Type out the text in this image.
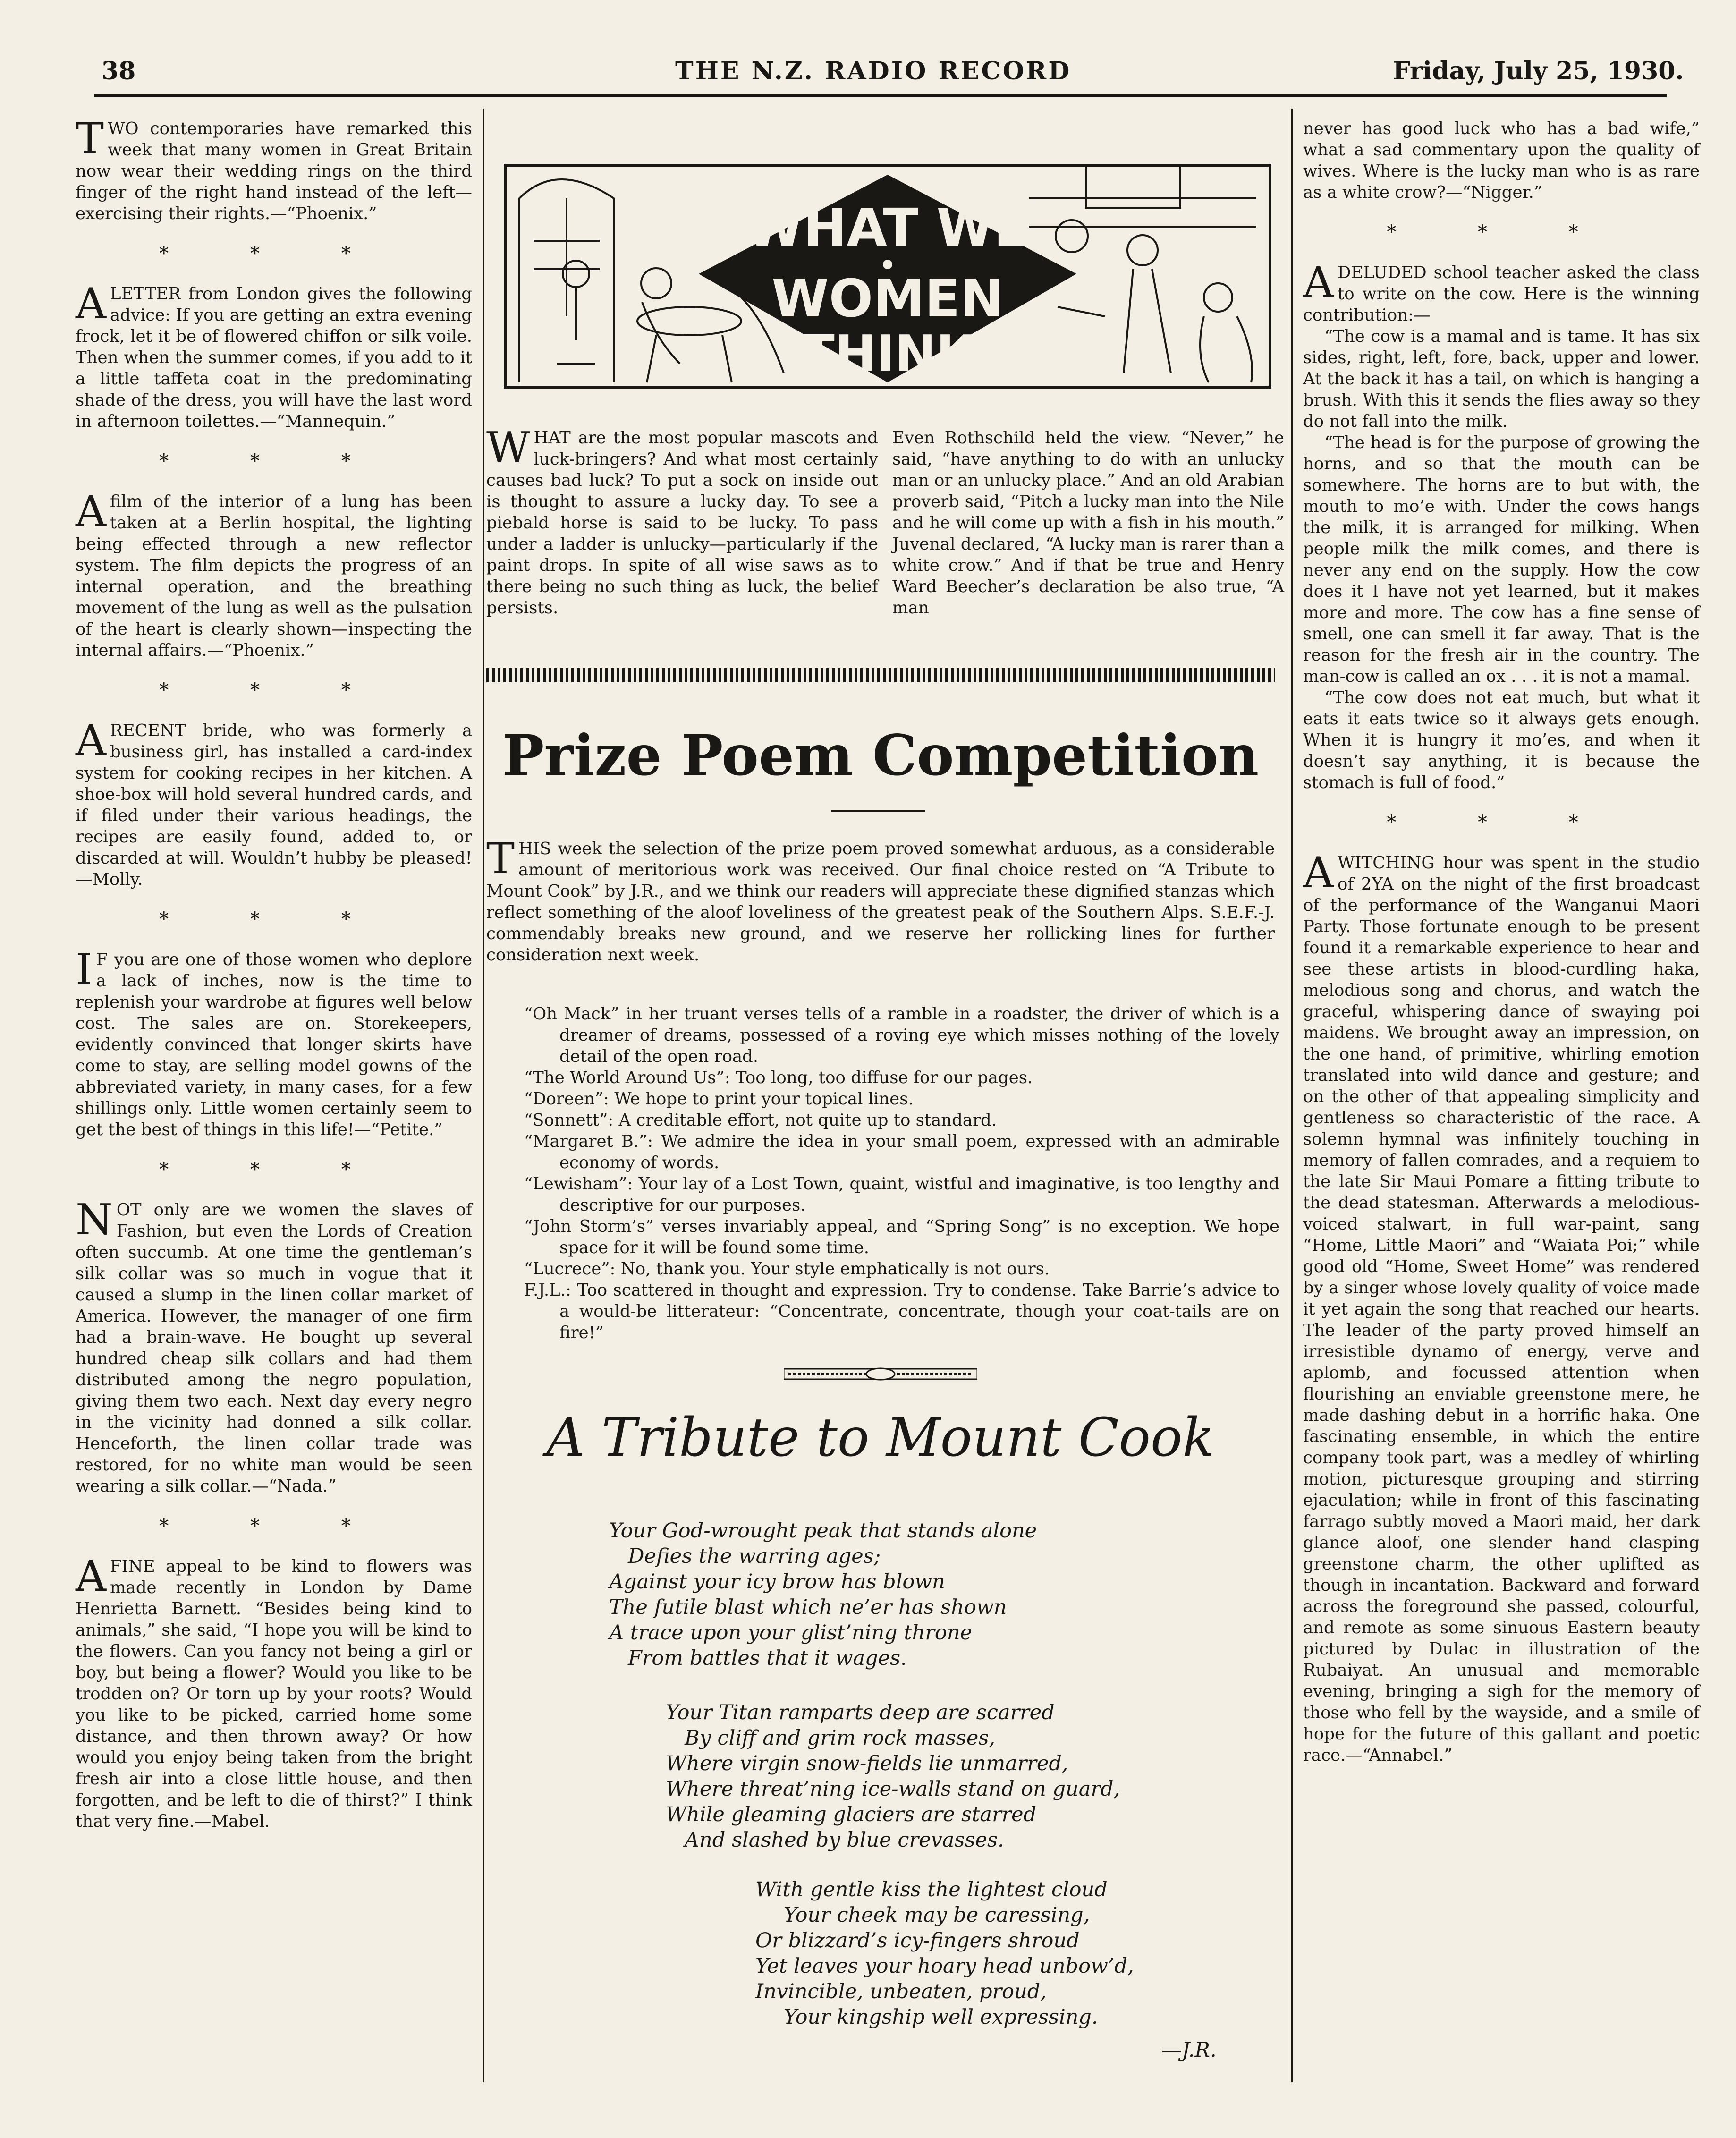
38	THE N.Z. RADIO RECORD	Friday, July 25, 1930.
TWO contemporaries have remarked this week that many women in Great Britain now wear their wedding rings on the third finger of the right hand instead of the left—exercising their rights.—“Phoenix.”
* * *
ALETTER from London gives the following advice: If you are getting an extra evening frock, let it be of flowered chiffon or silk voile. Then when the summer comes, if you add to it a little taffeta coat in the predominating shade of the dress, you will have the last word in afternoon toilettes.—“Mannequin.”
* * *
Afilm of the interior of a lung has been taken at a Berlin hospital, the lighting being effected through a new reflector system. The film depicts the progress of an internal operation, and the breathing movement of the lung as well as the pulsation of the heart is clearly shown—inspecting the internal affairs.—“Phoenix.”
* * *
ARECENT bride, who was formerly a business girl, has installed a card-index system for cooking recipes in her kitchen. A shoe-box will hold several hundred cards, and if filed under their various headings, the recipes are easily found, added to, or discarded at will. Wouldn’t hubby be pleased!—Molly.
* * *
I F you are one of those women who deplore a lack of inches, now is the time to replenish your wardrobe at figures well below cost. The sales are on. Storekeepers, evidently convinced that longer skirts have come to stay, are selling model gowns of the abbreviated variety, in many cases, for a few shillings only. Little women certainly seem to get the best of things in this life!—“Petite.”
* * *
NOT only are we women the slaves of Fashion, but even the Lords of Creation often succumb. At one time the gentleman’s silk collar was so much in vogue that it caused a slump in the linen collar market of America. However, the manager of one firm had a brain-wave. He bought up several hundred cheap silk collars and had them distributed among the negro population, giving them two each. Next day every negro in the vicinity had donned a silk collar. Henceforth, the linen collar trade was restored, for no white man would be seen wearing a silk collar.—“Nada.”
* * *
AFINE appeal to be kind to flowers was made recently in London by Dame Henrietta Barnett. “Besides being kind to animals,” she said, “I hope you will be kind to the flowers. Can you fancy not being a girl or boy, but being a flower? Would you like to be trodden on? Or torn up by your roots? Would you like to be picked, carried home some distance, and then thrown away? Or how would you enjoy being taken from the bright fresh air into a close little house, and then forgotten, and be left to die of thirst?” I think that very fine.—Mabel.
WHAT WE
WOMEN
THINK
WHAT are the most popular mascots and luck-bringers? And what most certainly causes bad luck? To put a sock on inside out is thought to assure a lucky day. To see a piebald horse is said to be lucky. To pass under a ladder is unlucky—particularly if the paint drops. In spite of all wise saws as to there being no such thing as luck, the belief persists.
Even Rothschild held the view. “Never,” he said, “have anything to do with an unlucky man or an unlucky place.” And an old Arabian proverb said, “Pitch a lucky man into the Nile and he will come up with a fish in his mouth.” Juvenal declared, “A lucky man is rarer than a white crow.” And if that be true and Henry Ward Beecher’s declaration be also true, “A man
Prize Poem Competition
THIS week the selection of the prize poem proved somewhat arduous, as a considerable amount of meritorious work was received. Our final choice rested on “A Tribute to Mount Cook” by J.R., and we think our readers will appreciate these dignified stanzas which reflect something of the aloof loveliness of the greatest peak of the Southern Alps. S.E.F.-J. commendably breaks new ground, and we reserve her rollicking lines for further consideration next week.
“Oh Mack” in her truant verses tells of a ramble in a roadster, the driver of which is a dreamer of dreams, possessed of a roving eye which misses nothing of the lovely detail of the open road.
“The World Around Us”: Too long, too diffuse for our pages.
“Doreen”: We hope to print your topical lines.
“Sonnett”: A creditable effort, not quite up to standard.
“Margaret B.”: We admire the idea in your small poem, expressed with an admirable economy of words.
“Lewisham”: Your lay of a Lost Town, quaint, wistful and imaginative, is too lengthy and descriptive for our purposes.
“John Storm’s” verses invariably appeal, and “Spring Song” is no exception. We hope space for it will be found some time.
“Lucrece”: No, thank you. Your style emphatically is not ours.
F.J.L.: Too scattered in thought and expression. Try to condense. Take Barrie’s advice to a would-be litterateur: “Concentrate, concentrate, though your coat-tails are on fire!”
A Tribute to Mount Cook
Your God-wrought peak that stands alone
Defies the warring ages;
Against your icy brow has blown
The futile blast which ne’er has shown
A trace upon your glist’ning throne
From battles that it wages.
Your Titan ramparts deep are scarred
By cliff and grim rock masses,
Where virgin snow-fields lie unmarred,
Where threat’ning ice-walls stand on guard,
While gleaming glaciers are starred
And slashed by blue crevasses.
With gentle kiss the lightest cloud
Your cheek may be caressing,
Or blizzard’s icy-fingers shroud
Yet leaves your hoary head unbow’d,
Invincible, unbeaten, proud,
Your kingship well expressing.
—J.R.
never has good luck who has a bad wife,” what a sad commentary upon the quality of wives. Where is the lucky man who is as rare as a white crow?—“Nigger.”
* * *
ADELUDED school teacher asked the class to write on the cow. Here is the winning contribution:—
“The cow is a mamal and is tame. It has six sides, right, left, fore, back, upper and lower. At the back it has a tail, on which is hanging a brush. With this it sends the flies away so they do not fall into the milk.
“The head is for the purpose of growing the horns, and so that the mouth can be somewhere. The horns are to but with, the mouth to mo’e with. Under the cows hangs the milk, it is arranged for milking. When people milk the milk comes, and there is never any end on the supply. How the cow does it I have not yet learned, but it makes more and more. The cow has a fine sense of smell, one can smell it far away. That is the reason for the fresh air in the country. The man-cow is called an ox . . . it is not a mamal.
“The cow does not eat much, but what it eats it eats twice so it always gets enough. When it is hungry it mo’es, and when it doesn’t say anything, it is because the stomach is full of food.”
* * *
AWITCHING hour was spent in the studio of 2YA on the night of the first broadcast of the performance of the Wanganui Maori Party. Those fortunate enough to be present found it a remarkable experience to hear and see these artists in blood-curdling haka, melodious song and chorus, and watch the graceful, whispering dance of swaying poi maidens. We brought away an impression, on the one hand, of primitive, whirling emotion translated into wild dance and gesture; and on the other of that appealing simplicity and gentleness so characteristic of the race. A solemn hymnal was infinitely touching in memory of fallen comrades, and a requiem to the late Sir Maui Pomare a fitting tribute to the dead statesman. Afterwards a melodious-voiced stalwart, in full war-paint, sang “Home, Little Maori” and “Waiata Poi;” while good old “Home, Sweet Home” was rendered by a singer whose lovely quality of voice made it yet again the song that reached our hearts. The leader of the party proved himself an irresistible dynamo of energy, verve and aplomb, and focussed attention when flourishing an enviable greenstone mere, he made dashing debut in a horrific haka. One fascinating ensemble, in which the entire company took part, was a medley of whirling motion, picturesque grouping and stirring ejaculation; while in front of this fascinating farrago subtly moved a Maori maid, her dark glance aloof, one slender hand clasping greenstone charm, the other uplifted as though in incantation. Backward and forward across the foreground she passed, colourful, and remote as some sinuous Eastern beauty pictured by Dulac in illustration of the Rubaiyat. An unusual and memorable evening, bringing a sigh for the memory of those who fell by the wayside, and a smile of hope for the future of this gallant and poetic race.—“Annabel.”
